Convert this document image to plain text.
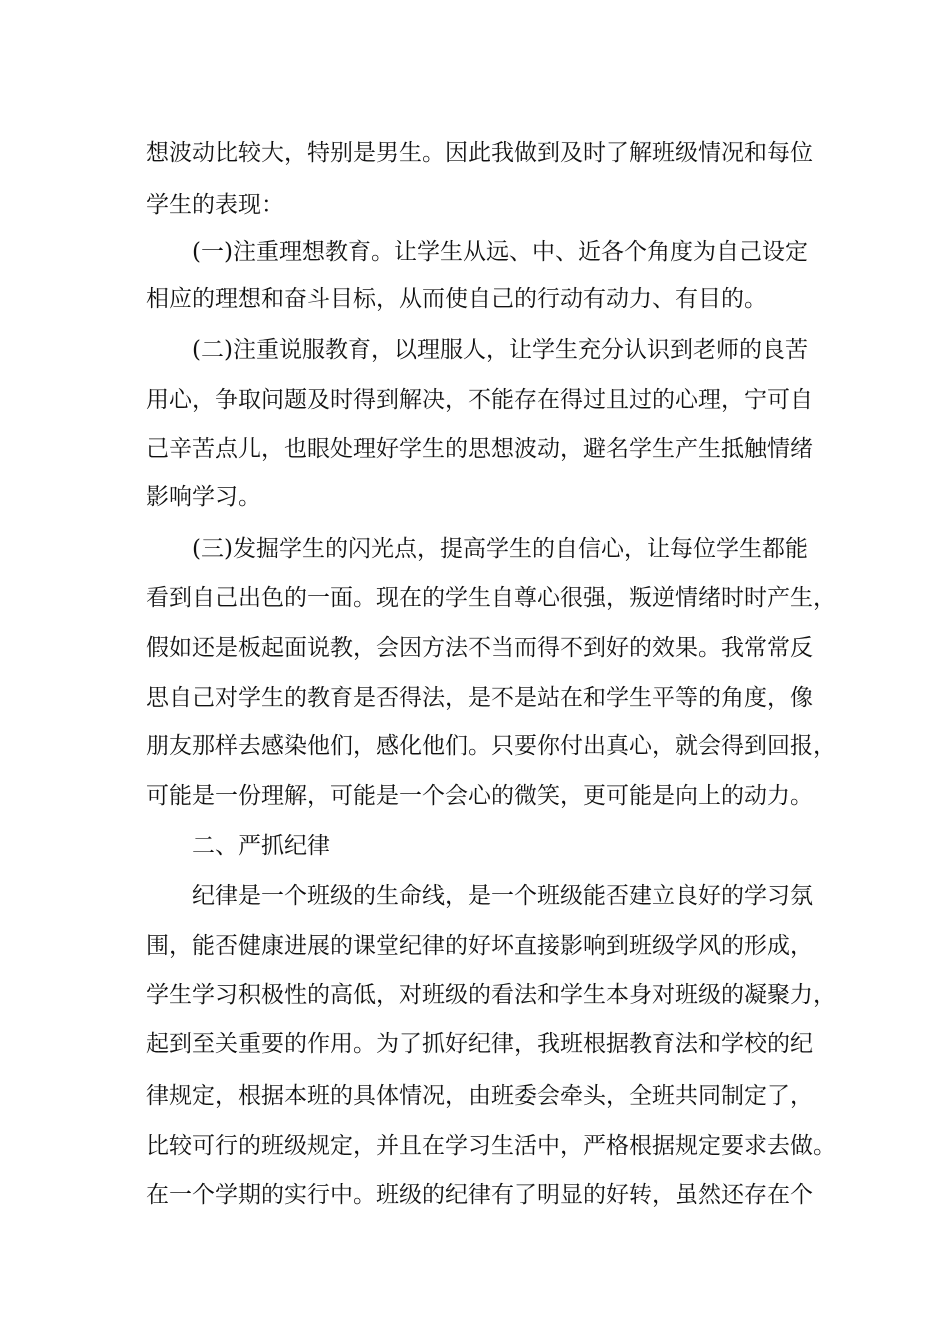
想波动比较大，特别是男生。因此我做到及时了解班级情况和每位
学生的表现：
(一)注重理想教育。让学生从远、中、近各个角度为自己设定
相应的理想和奋斗目标，从而使自己的行动有动力、有目的。
(二)注重说服教育，以理服人，让学生充分认识到老师的良苦
用心，争取问题及时得到解决，不能存在得过且过的心理，宁可自
己辛苦点儿，也眼处理好学生的思想波动，避名学生产生抵触情绪
影响学习。
(三)发掘学生的闪光点，提高学生的自信心，让每位学生都能
看到自己出色的一面。现在的学生自尊心很强，叛逆情绪时时产生，
假如还是板起面说教，会因方法不当而得不到好的效果。我常常反
思自己对学生的教育是否得法，是不是站在和学生平等的角度，像
朋友那样去感染他们，感化他们。只要你付出真心，就会得到回报，
可能是一份理解，可能是一个会心的微笑，更可能是向上的动力。
二、严抓纪律
纪律是一个班级的生命线，是一个班级能否建立良好的学习氛
围，能否健康进展的课堂纪律的好坏直接影响到班级学风的形成，
学生学习积极性的高低，对班级的看法和学生本身对班级的凝聚力，
起到至关重要的作用。为了抓好纪律，我班根据教育法和学校的纪
律规定，根据本班的具体情况，由班委会牵头，全班共同制定了，
比较可行的班级规定，并且在学习生活中，严格根据规定要求去做。
在一个学期的实行中。班级的纪律有了明显的好转，虽然还存在个
